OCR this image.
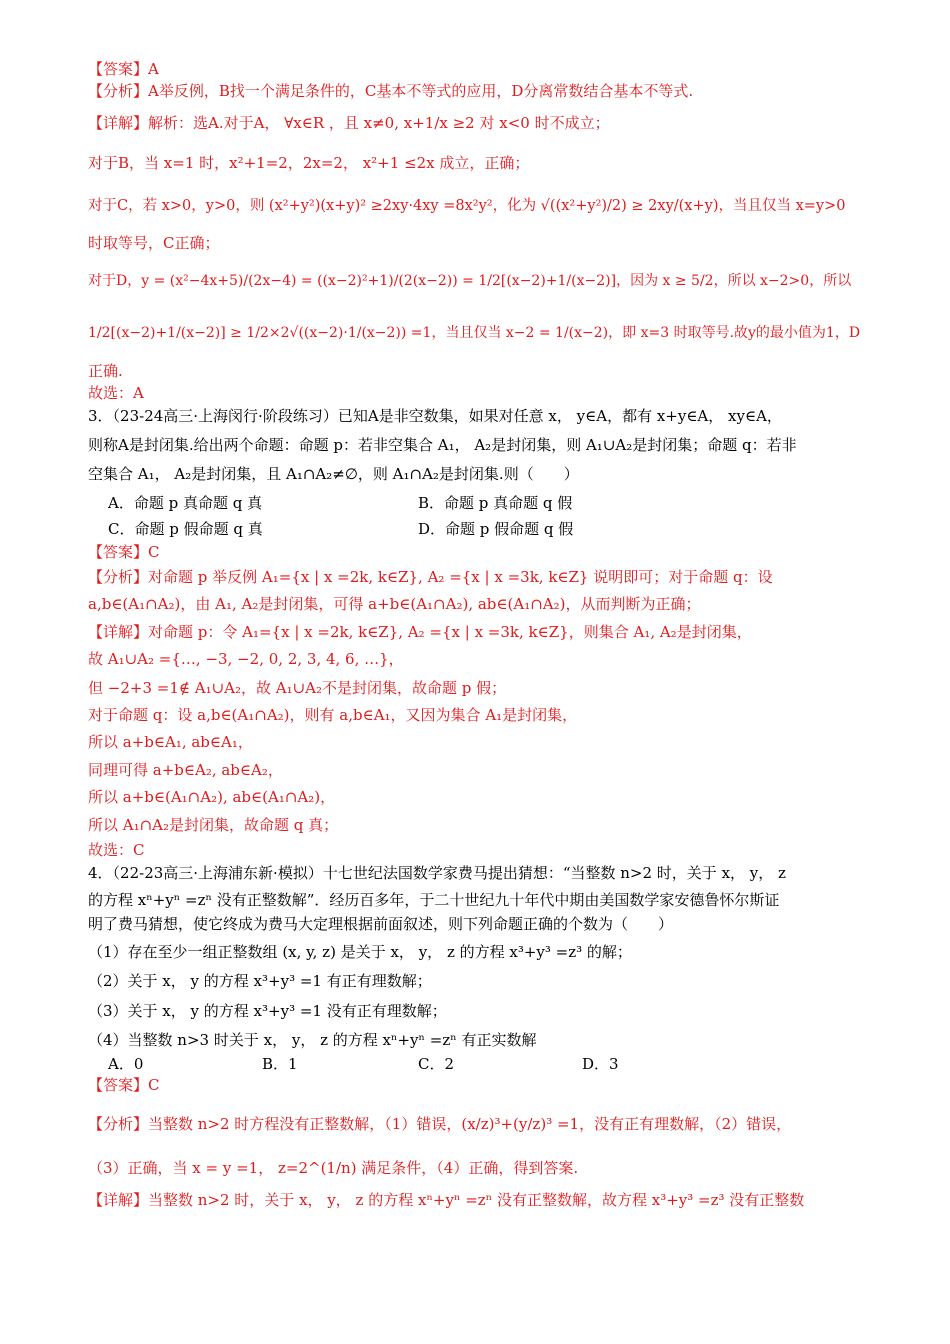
【答案】A
【分析】A举反例，B找一个满足条件的，C基本不等式的应用，D分离常数结合基本不等式.
【详解】解析：选A.对于A， ∀x∈R ，且 x≠0, x+1/x ≥2 对 x<0 时不成立；
对于B，当 x=1 时，x²+1=2，2x=2， x²+1 ≤2x 成立，正确；
对于C，若 x>0，y>0，则 (x²+y²)(x+y)² ≥2xy·4xy =8x²y²，化为 √((x²+y²)/2) ≥ 2xy/(x+y)，当且仅当 x=y>0
时取等号，C正确；
对于D，y = (x²−4x+5)/(2x−4) = ((x−2)²+1)/(2(x−2)) = 1/2[(x−2)+1/(x−2)]，因为 x ≥ 5/2，所以 x−2>0，所以
1/2[(x−2)+1/(x−2)] ≥ 1/2×2√((x−2)·1/(x−2)) =1，当且仅当 x−2 = 1/(x−2)，即 x=3 时取等号.故y的最小值为1，D
正确.
故选：A
3．（23-24高三·上海闵行·阶段练习）已知A是非空数集，如果对任意 x， y∈A，都有 x+y∈A， xy∈A，
则称A是封闭集.给出两个命题：命题 p：若非空集合 A₁， A₂是封闭集，则 A₁∪A₂是封闭集；命题 q：若非
空集合 A₁， A₂是封闭集，且 A₁∩A₂≠∅，则 A₁∩A₂是封闭集.则（　　）
A．命题 p 真命题 q 真	B．命题 p 真命题 q 假
C．命题 p 假命题 q 真	D．命题 p 假命题 q 假
【答案】C
【分析】对命题 p 举反例 A₁={x | x =2k, k∈Z}, A₂ ={x | x =3k, k∈Z} 说明即可；对于命题 q：设
a,b∈(A₁∩A₂)，由 A₁, A₂是封闭集，可得 a+b∈(A₁∩A₂), ab∈(A₁∩A₂)，从而判断为正确；
【详解】对命题 p：令 A₁={x | x =2k, k∈Z}, A₂ ={x | x =3k, k∈Z}，则集合 A₁, A₂是封闭集，
故 A₁∪A₂ ={…, −3, −2, 0, 2, 3, 4, 6, …}，
但 −2+3 =1∉ A₁∪A₂，故 A₁∪A₂不是封闭集，故命题 p 假；
对于命题 q：设 a,b∈(A₁∩A₂)，则有 a,b∈A₁，又因为集合 A₁是封闭集，
所以 a+b∈A₁, ab∈A₁，
同理可得 a+b∈A₂, ab∈A₂，
所以 a+b∈(A₁∩A₂), ab∈(A₁∩A₂)，
所以 A₁∩A₂是封闭集，故命题 q 真；
故选：C
4．（22-23高三·上海浦东新·模拟）十七世纪法国数学家费马提出猜想：“当整数 n>2 时，关于 x， y， z
的方程 xⁿ+yⁿ =zⁿ 没有正整数解”．经历百多年，于二十世纪九十年代中期由美国数学家安德鲁怀尔斯证
明了费马猜想，使它终成为费马大定理根据前面叙述，则下列命题正确的个数为（　　）
（1）存在至少一组正整数组 (x, y, z) 是关于 x， y， z 的方程 x³+y³ =z³ 的解；
（2）关于 x， y 的方程 x³+y³ =1 有正有理数解；
（3）关于 x， y 的方程 x³+y³ =1 没有正有理数解；
（4）当整数 n>3 时关于 x， y， z 的方程 xⁿ+yⁿ =zⁿ 有正实数解
A．0	B．1	C．2	D．3
【答案】C
【分析】当整数 n>2 时方程没有正整数解，（1）错误，(x/z)³+(y/z)³ =1，没有正有理数解，（2）错误，
（3）正确，当 x = y =1， z=2^(1/n) 满足条件，（4）正确，得到答案.
【详解】当整数 n>2 时，关于 x， y， z 的方程 xⁿ+yⁿ =zⁿ 没有正整数解，故方程 x³+y³ =z³ 没有正整数
